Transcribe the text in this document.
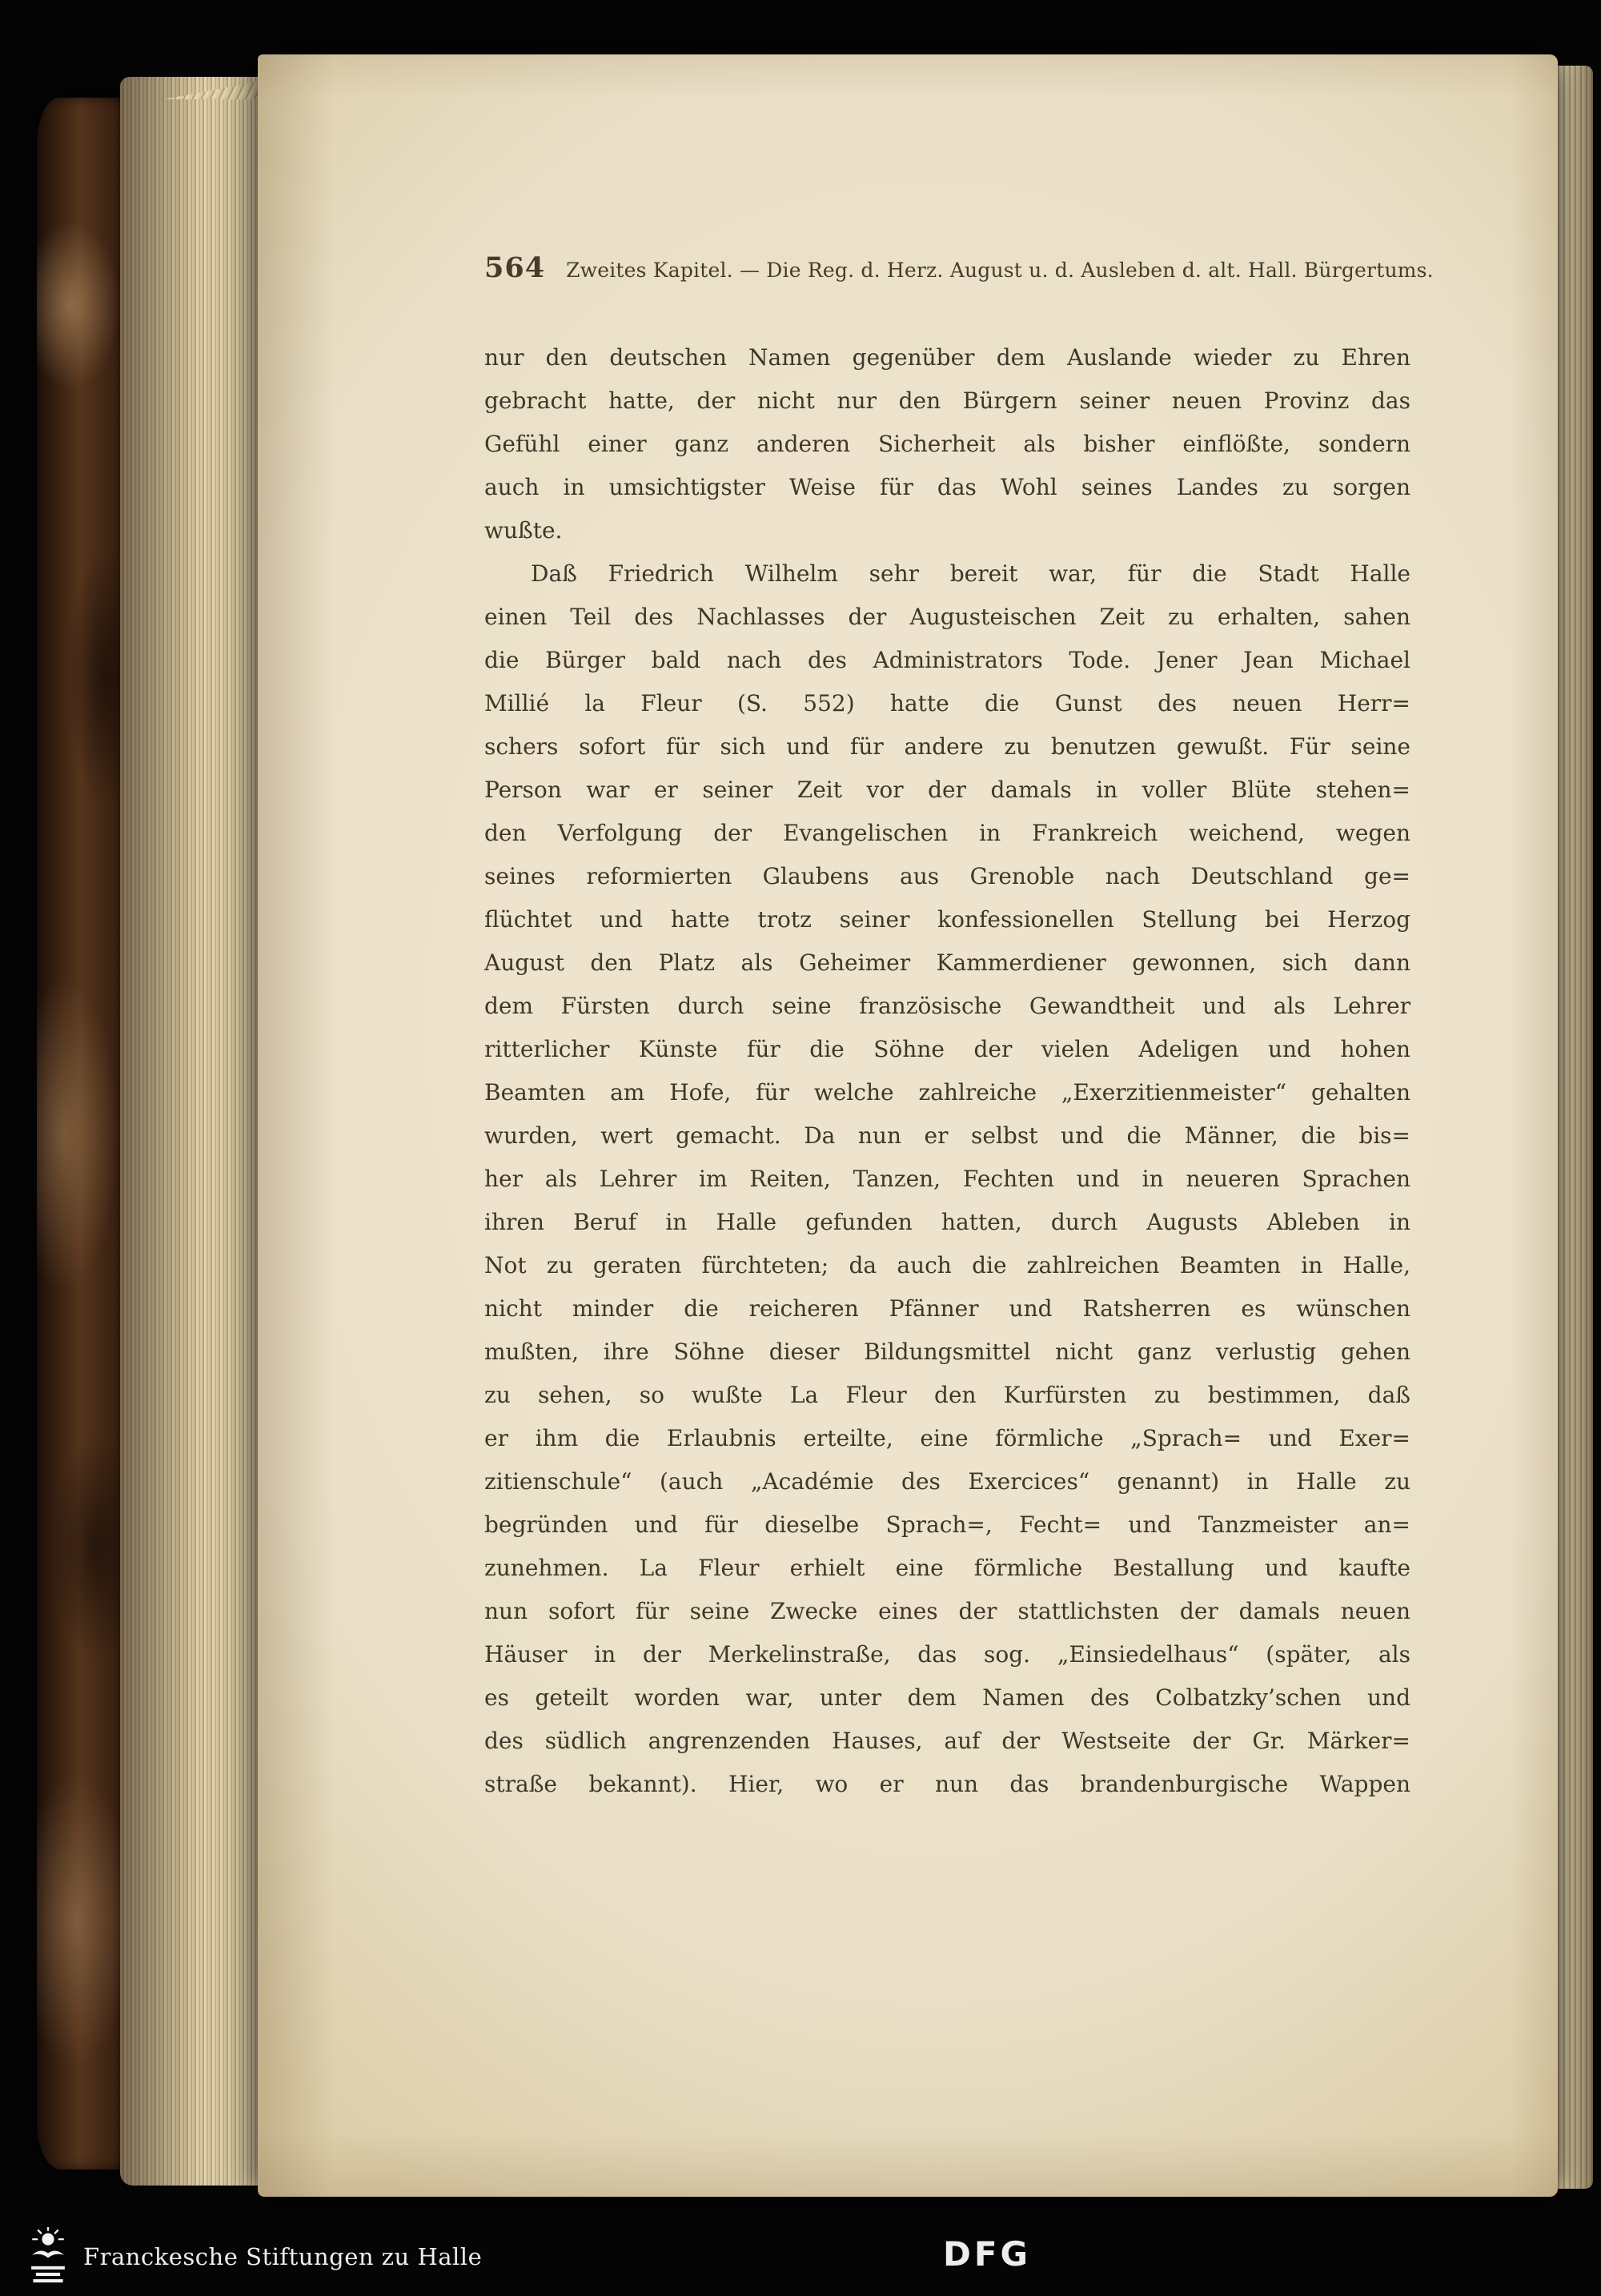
564 Zweites Kapitel. — Die Reg. d. Herz. August u. d. Ausleben d. alt. Hall. Bürgertums.
nur den deutschen Namen gegenüber dem Auslande wieder zu Ehren
gebracht hatte, der nicht nur den Bürgern seiner neuen Provinz das
Gefühl einer ganz anderen Sicherheit als bisher einflößte, sondern
auch in umsichtigster Weise für das Wohl seines Landes zu sorgen
wußte.
Daß Friedrich Wilhelm sehr bereit war, für die Stadt Halle
einen Teil des Nachlasses der Augusteischen Zeit zu erhalten, sahen
die Bürger bald nach des Administrators Tode. Jener Jean Michael
Millié la Fleur (S. 552) hatte die Gunst des neuen Herr=
schers sofort für sich und für andere zu benutzen gewußt. Für seine
Person war er seiner Zeit vor der damals in voller Blüte stehen=
den Verfolgung der Evangelischen in Frankreich weichend, wegen
seines reformierten Glaubens aus Grenoble nach Deutschland ge=
flüchtet und hatte trotz seiner konfessionellen Stellung bei Herzog
August den Platz als Geheimer Kammerdiener gewonnen, sich dann
dem Fürsten durch seine französische Gewandtheit und als Lehrer
ritterlicher Künste für die Söhne der vielen Adeligen und hohen
Beamten am Hofe, für welche zahlreiche „Exerzitienmeister“ gehalten
wurden, wert gemacht. Da nun er selbst und die Männer, die bis=
her als Lehrer im Reiten, Tanzen, Fechten und in neueren Sprachen
ihren Beruf in Halle gefunden hatten, durch Augusts Ableben in
Not zu geraten fürchteten; da auch die zahlreichen Beamten in Halle,
nicht minder die reicheren Pfänner und Ratsherren es wünschen
mußten, ihre Söhne dieser Bildungsmittel nicht ganz verlustig gehen
zu sehen, so wußte La Fleur den Kurfürsten zu bestimmen, daß
er ihm die Erlaubnis erteilte, eine förmliche „Sprach= und Exer=
zitienschule“ (auch „Académie des Exercices“ genannt) in Halle zu
begründen und für dieselbe Sprach=, Fecht= und Tanzmeister an=
zunehmen. La Fleur erhielt eine förmliche Bestallung und kaufte
nun sofort für seine Zwecke eines der stattlichsten der damals neuen
Häuser in der Merkelinstraße, das sog. „Einsiedelhaus“ (später, als
es geteilt worden war, unter dem Namen des Colbatzky’schen und
des südlich angrenzenden Hauses, auf der Westseite der Gr. Märker=
straße bekannt). Hier, wo er nun das brandenburgische Wappen
Franckesche Stiftungen zu Halle	DFG
